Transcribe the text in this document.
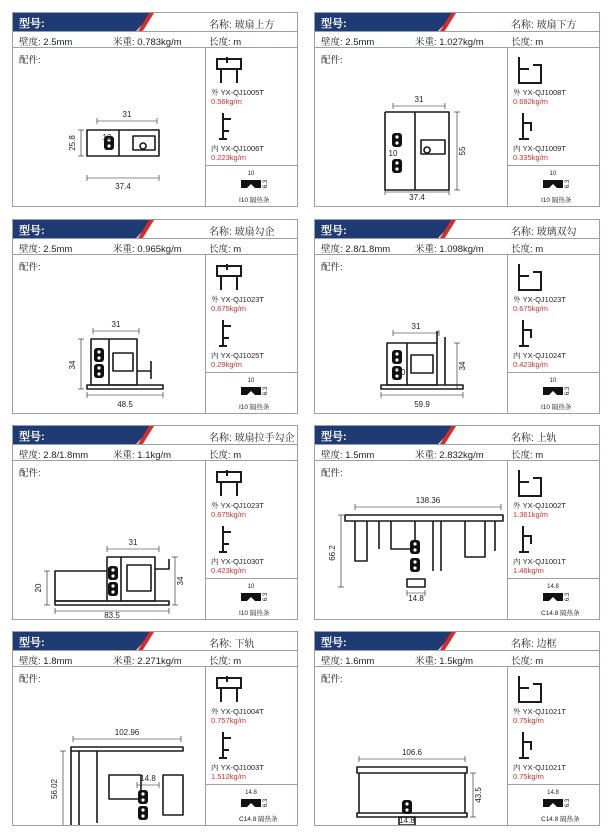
型号:	名称: 玻扇上方
壁度: 2.5mm	米重: 0.783kg/m	长度: m
配件:
31
25.8	10
37.4
外 YX-QJ1005T
0.56kg/m
内 YX-QJ1006T
0.223kg/m
10
6.3
I10 隔热条
型号:	名称: 玻扇下方
壁度: 2.5mm	米重: 1.027kg/m	长度: m
配件:
31
55
10
37.4
外 YX-QJ1008T
0.692kg/m
内 YX-QJ1009T
0.335kg/m
10
6.3
I10 隔热条
型号:	名称: 玻扇勾企
壁度: 2.5mm	米重: 0.965kg/m	长度: m
配件:
31
34
48.5
外 YX-QJ1023T
0.675kg/m
内 YX-QJ1025T
0.29kg/m
10
6.3
I10 隔热条
型号:	名称: 玻璃双勾
壁度: 2.8/1.8mm	米重: 1.098kg/m	长度: m
配件:
31
34
10
59.9
外 YX-QJ1023T
0.675kg/m
内 YX-QJ1024T
0.423kg/m
10
6.3
I10 隔热条
型号:	名称: 玻扇拉手勾企
壁度: 2.8/1.8mm	米重: 1.1kg/m	长度: m
配件:
31
20
34
83.5
外 YX-QJ1023T
0.675kg/m
内 YX-QJ1030T
0.423kg/m
10
6.3
I10 隔热条
型号:	名称: 上轨
壁度: 1.5mm	米重: 2.832kg/m	长度: m
配件:
138.36
66.2
14.8
外 YX-QJ1002T
1.361kg/m
内 YX-QJ1001T
1.46kg/m
14.8
6.3
C14.8 隔热条
型号:	名称: 下轨
壁度: 1.8mm	米重: 2.271kg/m	长度: m
配件:
102.96
56.02
14.8
外 YX-QJ1004T
0.757kg/m
内 YX-QJ1003T
1.512kg/m
14.8
6.3
C14.8 隔热条
型号:	名称: 边框
壁度: 1.6mm	米重: 1.5kg/m	长度: m
配件:
106.6
43.5
14.8
外 YX-QJ1021T
0.75kg/m
内 YX-QJ1021T
0.75kg/m
14.8
6.3
C14.8 隔热条
